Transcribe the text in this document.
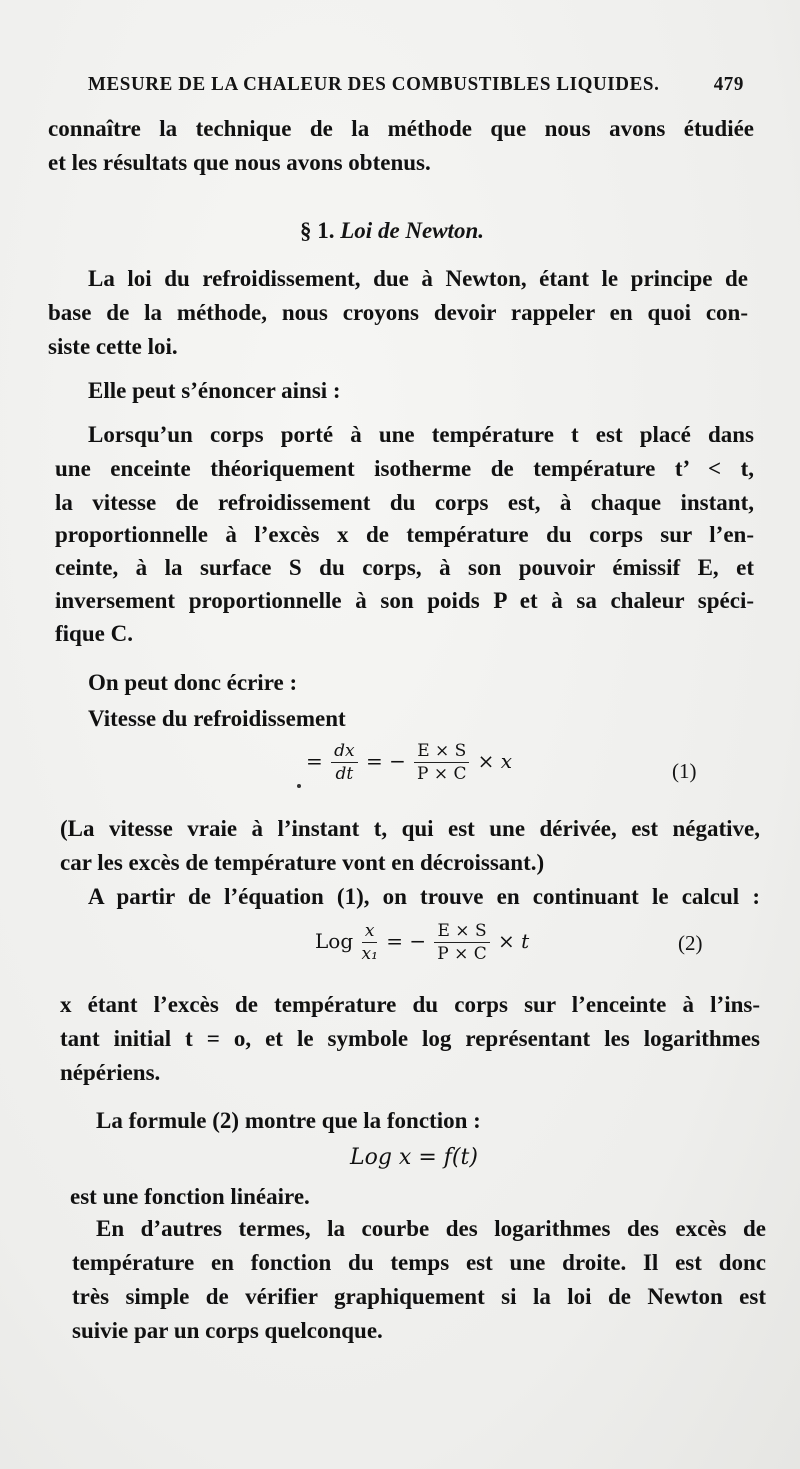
MESURE DE LA CHALEUR DES COMBUSTIBLES LIQUIDES.	479
connaître la technique de la méthode que nous avons étudiée
et les résultats que nous avons obtenus.
§ 1. Loi de Newton.
La loi du refroidissement, due à Newton, étant le principe de
base de la méthode, nous croyons devoir rappeler en quoi con-
siste cette loi.
Elle peut s’énoncer ainsi :
Lorsqu’un corps porté à une température t est placé dans
une enceinte théoriquement isotherme de température t’ < t,
la vitesse de refroidissement du corps est, à chaque instant,
proportionnelle à l’excès x de température du corps sur l’en-
ceinte, à la surface S du corps, à son pouvoir émissif E, et
inversement proportionnelle à son poids P et à sa chaleur spéci-
fique C.
On peut donc écrire :
Vitesse du refroidissement
= $\frac{dx}{dt}$ = − $\frac{E \times S}{P \times C} \times x$	(1)
(La vitesse vraie à l’instant t, qui est une dérivée, est négative,
car les excès de température vont en décroissant.)
A partir de l’équation (1), on trouve en continuant le calcul :
Log $\frac{x}{\text{x₁}}$ = − $\frac{E \times S}{P \times C} \times t$	(2)
x étant l’excès de température du corps sur l’enceinte à l’ins-
tant initial t = o, et le symbole log représentant les logarithmes
népériens.
La formule (2) montre que la fonction :
Log x = f(t)
est une fonction linéaire.
En d’autres termes, la courbe des logarithmes des excès de
température en fonction du temps est une droite. Il est donc
très simple de vérifier graphiquement si la loi de Newton est
suivie par un corps quelconque.
